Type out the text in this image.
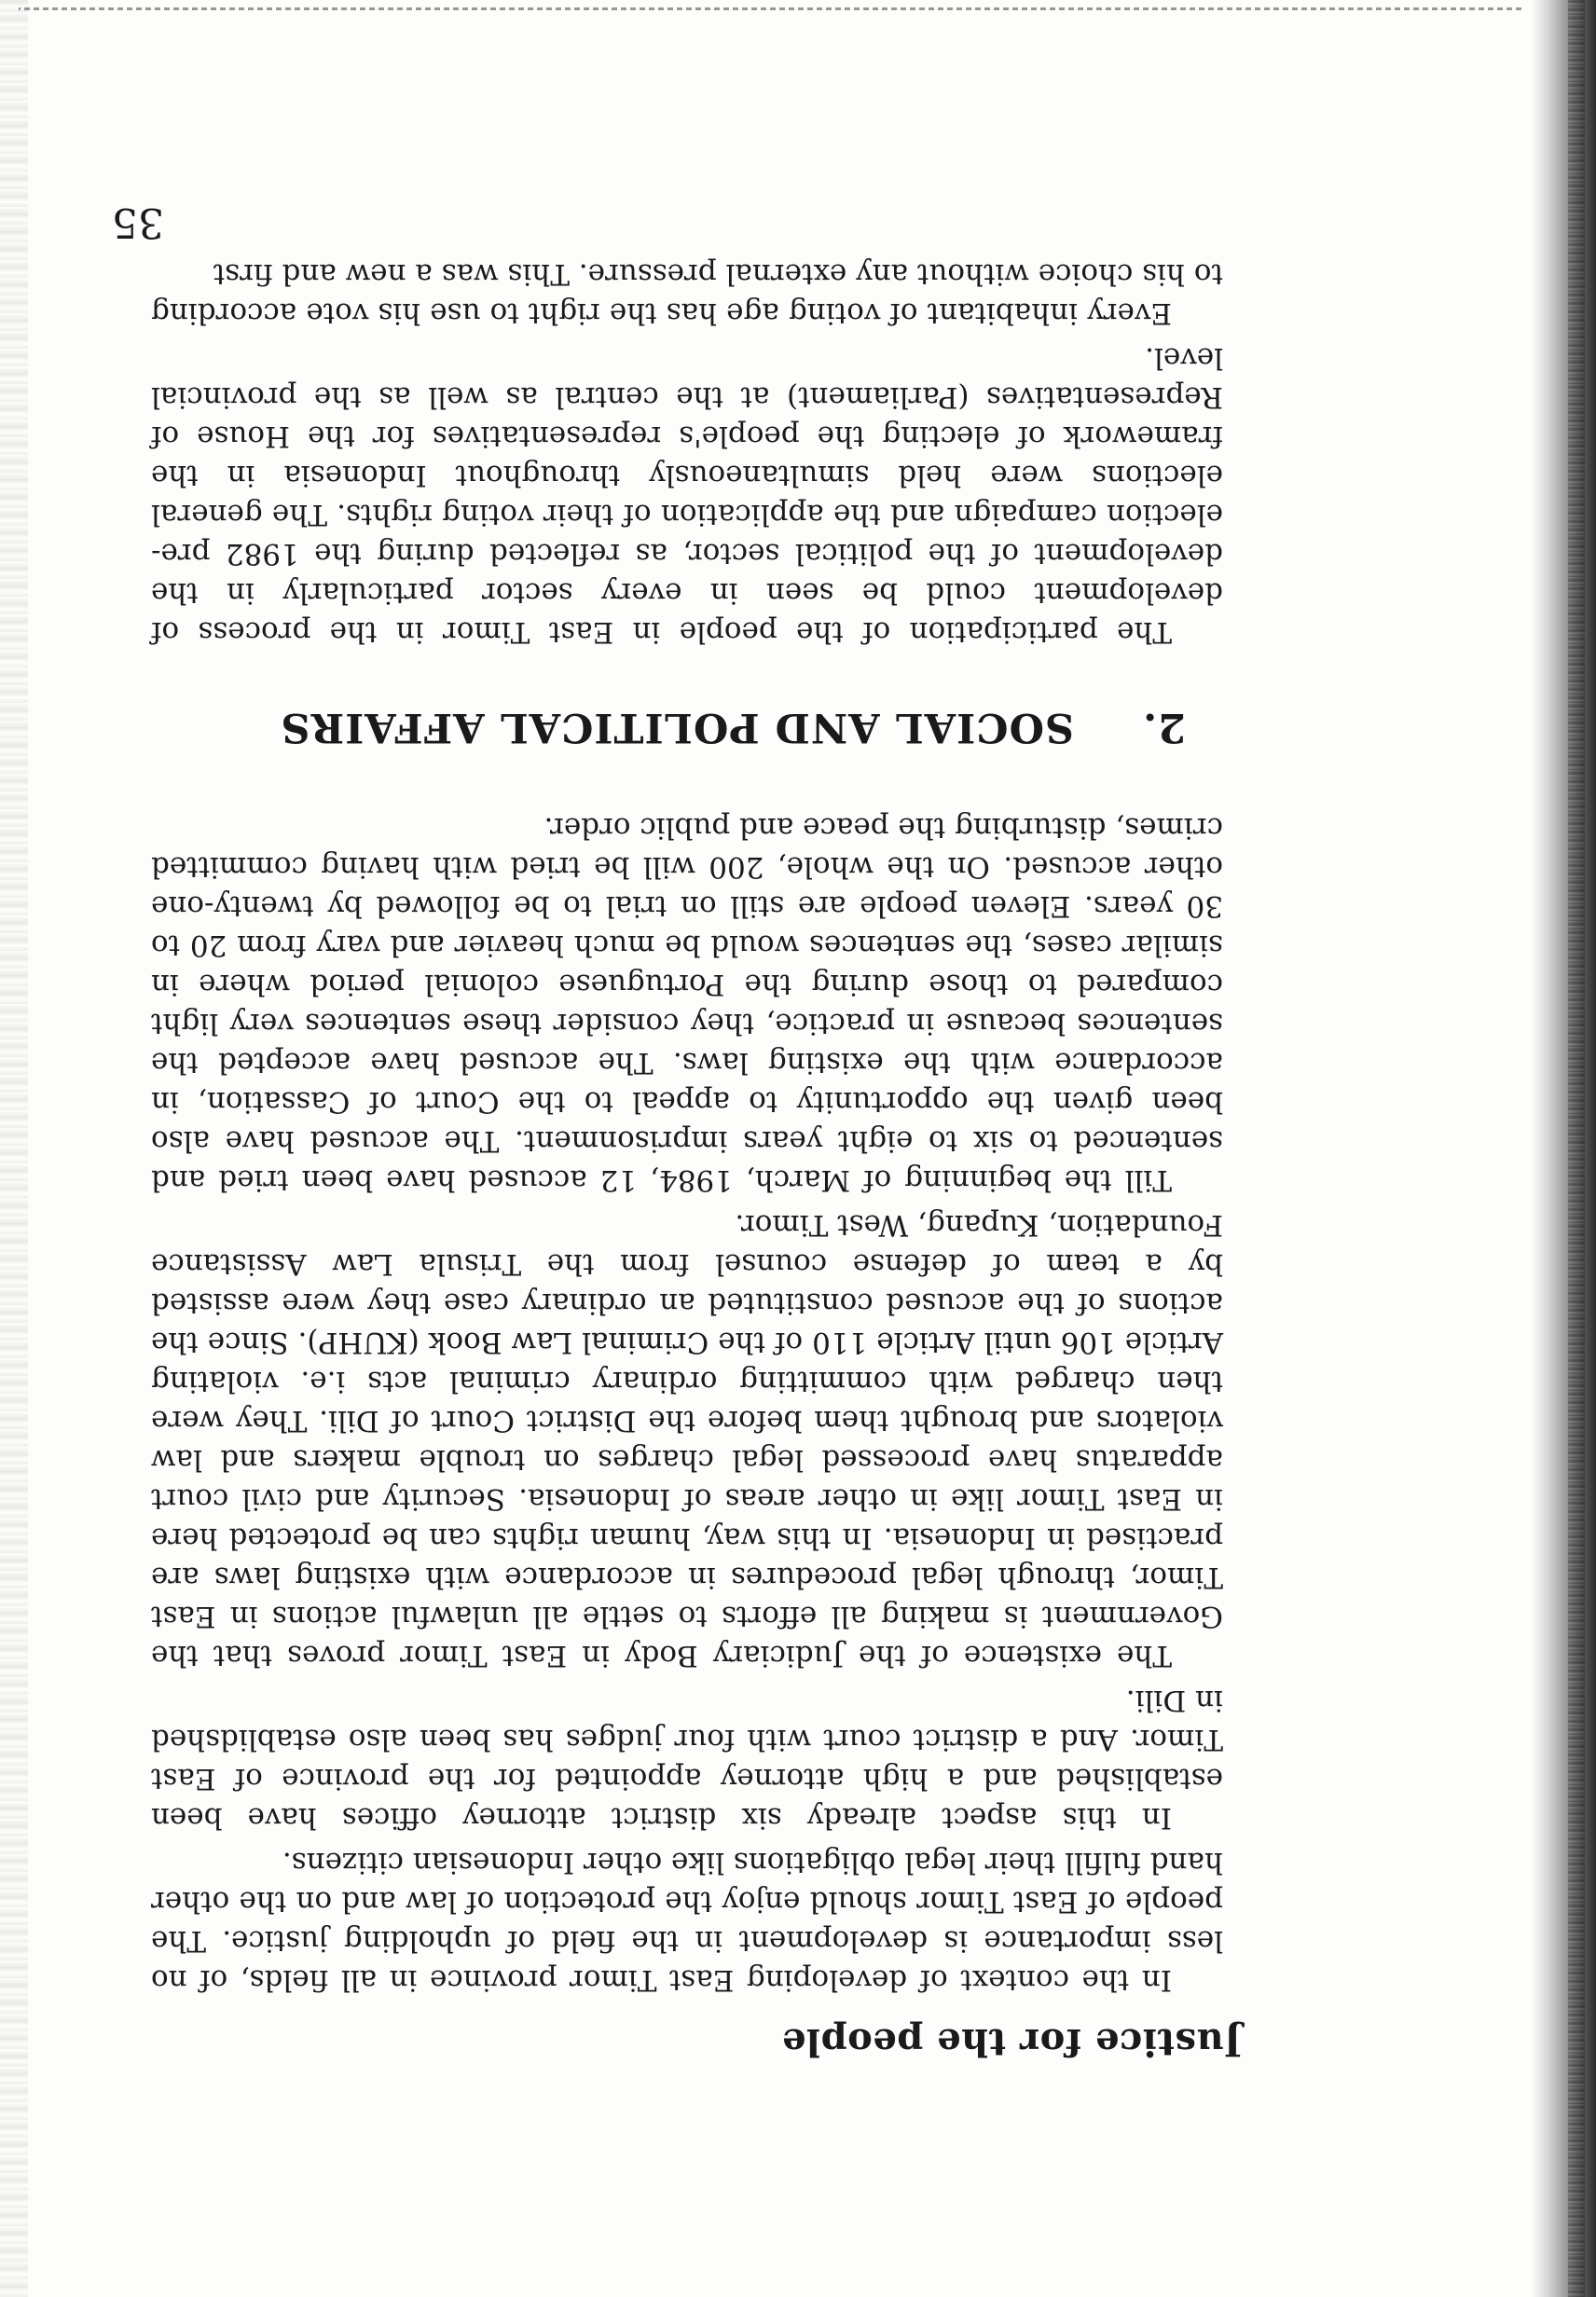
Justice for the people

In the context of developing East Timor province in all fields, of no less importance is development in the field of upholding justice. The people of East Timor should enjoy the protection of law and on the other hand fulfill their legal obligations like other Indonesian citizens.

In this aspect already six district attorney offices have been established and a high attorney appointed for the province of East Timor. And a district court with four judges has been also establidshed in Dili.

The existence of the Judiciary Body in East Timor proves that the Government is making all efforts to settle all unlawful actions in East Timor, through legal procedures in accordance with existing laws are practised in Indonesia. In this way, human rights can be protected here in East Timor like in other areas of Indonesia. Security and civil court apparatus have processed legal charges on trouble makers and law violators and brought them before the District Court of Dili. They were then charged with committing ordinary criminal acts i.e. violating Article 106 until Article 110 of the Criminal Law Book (KUHP). Since the actions of the accused constituted an ordinary case they were assisted by a team of defense counsel from the Trisula Law Assistance Foundation, Kupang, West Timor.

Till the beginning of March, 1984, 12 accused have been tried and sentenced to six to eight years imprisonment. The accused have also been given the opportunity to appeal to the Court of Cassation, in accordance with the existing laws. The accused have accepted the sentences because in practice, they consider these sentences very light compared to those during the Portuguese colonial period where in similar cases, the sentences would be much heavier and vary from 20 to 30 years. Eleven people are still on trial to be followed by twenty-one other accused. On the whole, 200 will be tried with having committed crimes, disturbing the peace and public order.

2.SOCIAL AND POLITICAL AFFAIRS

The participation of the people in East Timor in the process of development could be seen in every sector particularly in the development of the political sector, as reflected during the 1982 pre-election campaign and the application of their voting rights. The general elections were held simultaneously throughout Indonesia in the framework of electing the people's representatives for the House of Representatives (Parliament) at the central as well as the provincial level.

Every inhabitant of voting age has the right to use his vote according to his choice without any external pressure. This was a new and first

35
